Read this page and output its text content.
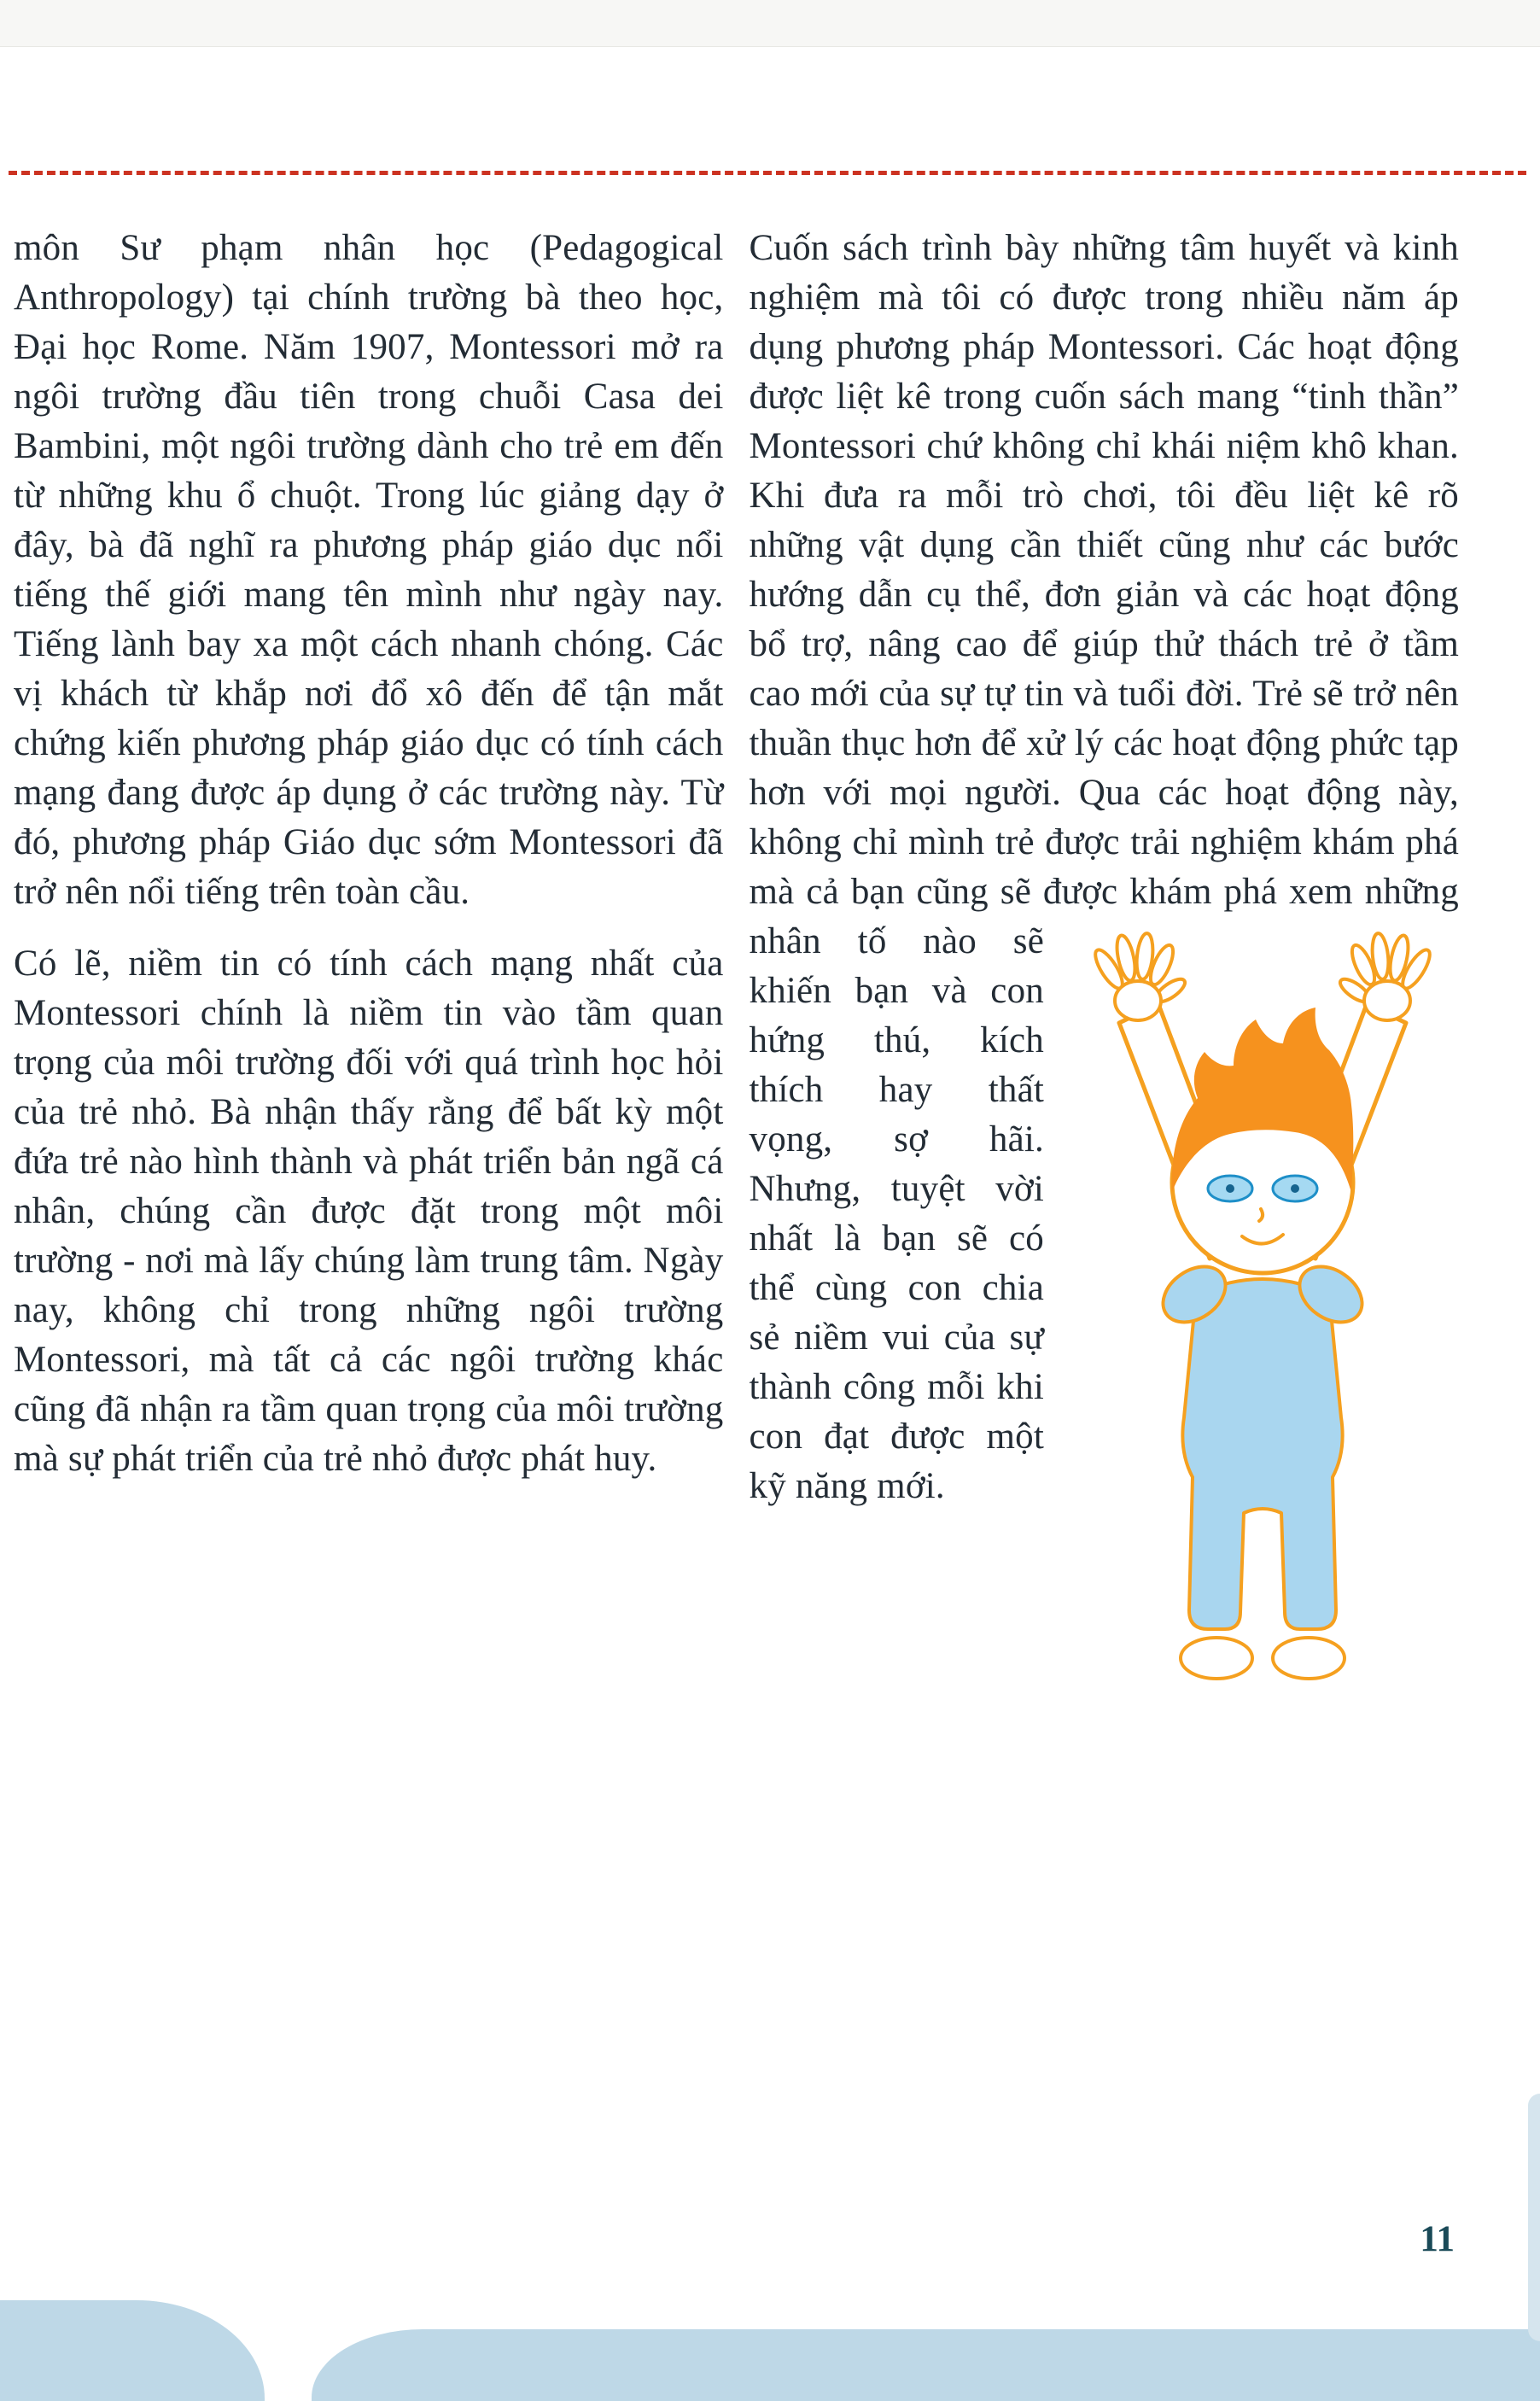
môn Sư phạm nhân học (Pedagogical Anthropology) tại chính trường bà theo học, Đại học Rome. Năm 1907, Montessori mở ra ngôi trường đầu tiên trong chuỗi Casa dei Bambini, một ngôi trường dành cho trẻ em đến từ những khu ổ chuột. Trong lúc giảng dạy ở đây, bà đã nghĩ ra phương pháp giáo dục nổi tiếng thế giới mang tên mình như ngày nay. Tiếng lành bay xa một cách nhanh chóng. Các vị khách từ khắp nơi đổ xô đến để tận mắt chứng kiến phương pháp giáo dục có tính cách mạng đang được áp dụng ở các trường này. Từ đó, phương pháp Giáo dục sớm Montessori đã trở nên nổi tiếng trên toàn cầu.

Có lẽ, niềm tin có tính cách mạng nhất của Montessori chính là niềm tin vào tầm quan trọng của môi trường đối với quá trình học hỏi của trẻ nhỏ. Bà nhận thấy rằng để bất kỳ một đứa trẻ nào hình thành và phát triển bản ngã cá nhân, chúng cần được đặt trong một môi trường - nơi mà lấy chúng làm trung tâm. Ngày nay, không chỉ trong những ngôi trường Montessori, mà tất cả các ngôi trường khác cũng đã nhận ra tầm quan trọng của môi trường mà sự phát triển của trẻ nhỏ được phát huy.

Cuốn sách trình bày những tâm huyết và kinh nghiệm mà tôi có được trong nhiều năm áp dụng phương pháp Montessori. Các hoạt động được liệt kê trong cuốn sách mang “tinh thần” Montessori chứ không chỉ khái niệm khô khan. Khi đưa ra mỗi trò chơi, tôi đều liệt kê rõ những vật dụng cần thiết cũng như các bước hướng dẫn cụ thể, đơn giản và các hoạt động bổ trợ, nâng cao để giúp thử thách trẻ ở tầm cao mới của sự tự tin và tuổi đời. Trẻ sẽ trở nên thuần thục hơn để xử lý các hoạt động phức tạp hơn với mọi người. Qua các hoạt động này, không chỉ mình trẻ được trải nghiệm khám phá mà cả bạn cũng sẽ được khám phá xem những nhân tố nào sẽ khiến bạn và con hứng thú, kích thích hay thất vọng, sợ hãi. Nhưng, tuyệt vời nhất là bạn sẽ có thể cùng con chia sẻ niềm vui của sự thành công mỗi khi con đạt được một kỹ năng mới.

11
